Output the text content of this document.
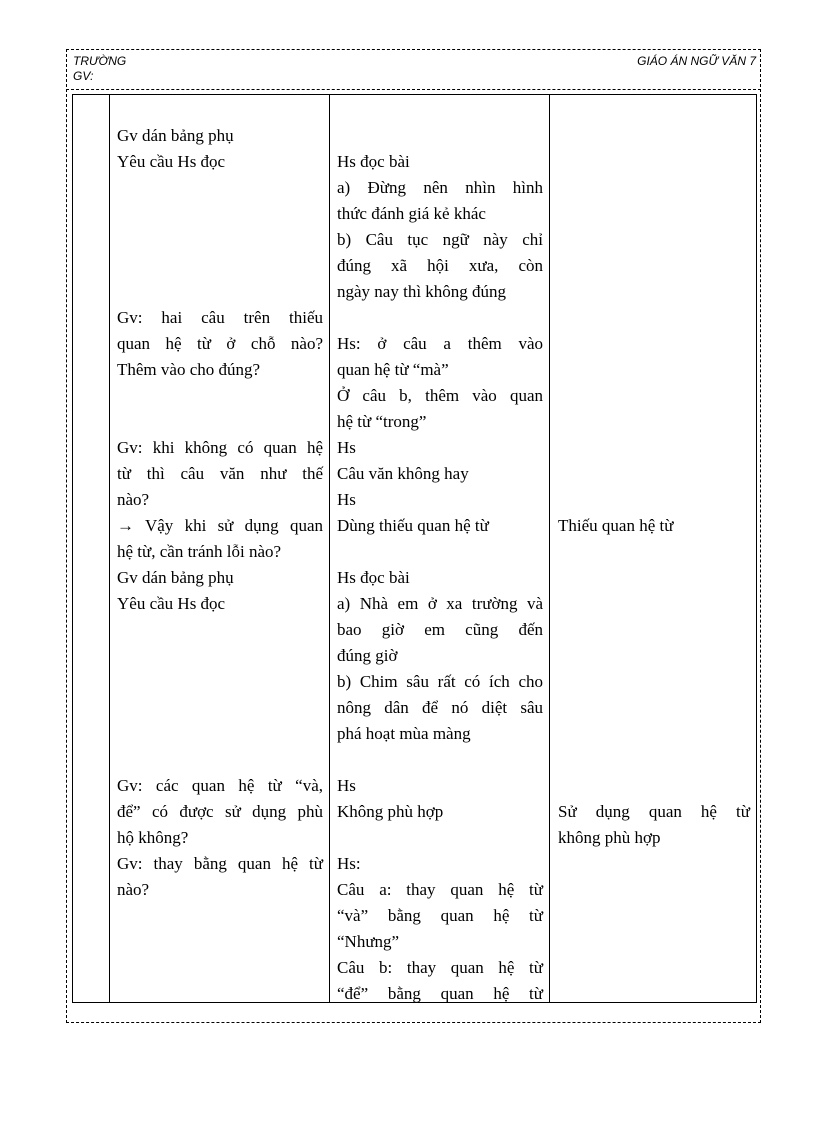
TRƯỜNG
GV:
GIÁO ÁN NGỮ VĂN 7
Gv dán bảng phụ
Yêu cầu Hs đọc
Gv: hai câu trên thiếu
quan hệ từ ở chỗ nào?
Thêm vào cho đúng?
Gv: khi không có quan hệ
từ thì câu văn như thế
nào?
→ Vậy khi sử dụng quan
hệ từ, cần tránh lỗi nào?
Gv dán bảng phụ
Yêu cầu Hs đọc
Gv: các quan hệ từ “và,
để” có được sử dụng phù
hộ không?
Gv: thay bằng quan hệ từ
nào?
Hs đọc bài
a) Đừng nên nhìn hình
thức đánh giá kẻ khác
b) Câu tục ngữ này chỉ
đúng xã hội xưa, còn
ngày nay thì không đúng
Hs: ở câu a thêm vào
quan hệ từ “mà”
Ở câu b, thêm vào quan
hệ từ “trong”
Hs
Câu văn không hay
Hs
Dùng thiếu quan hệ từ
Hs đọc bài
a) Nhà em ở xa trường và
bao giờ em cũng đến
đúng giờ
b) Chim sâu rất có ích cho
nông dân để nó diệt sâu
phá hoạt mùa màng
Hs
Không phù hợp
Hs:
Câu a: thay quan hệ từ
“và” bằng quan hệ từ
“Nhưng”
Câu b: thay quan hệ từ
“để” bằng quan hệ từ
Thiếu quan hệ từ
Sử dụng quan hệ từ
không phù hợp
